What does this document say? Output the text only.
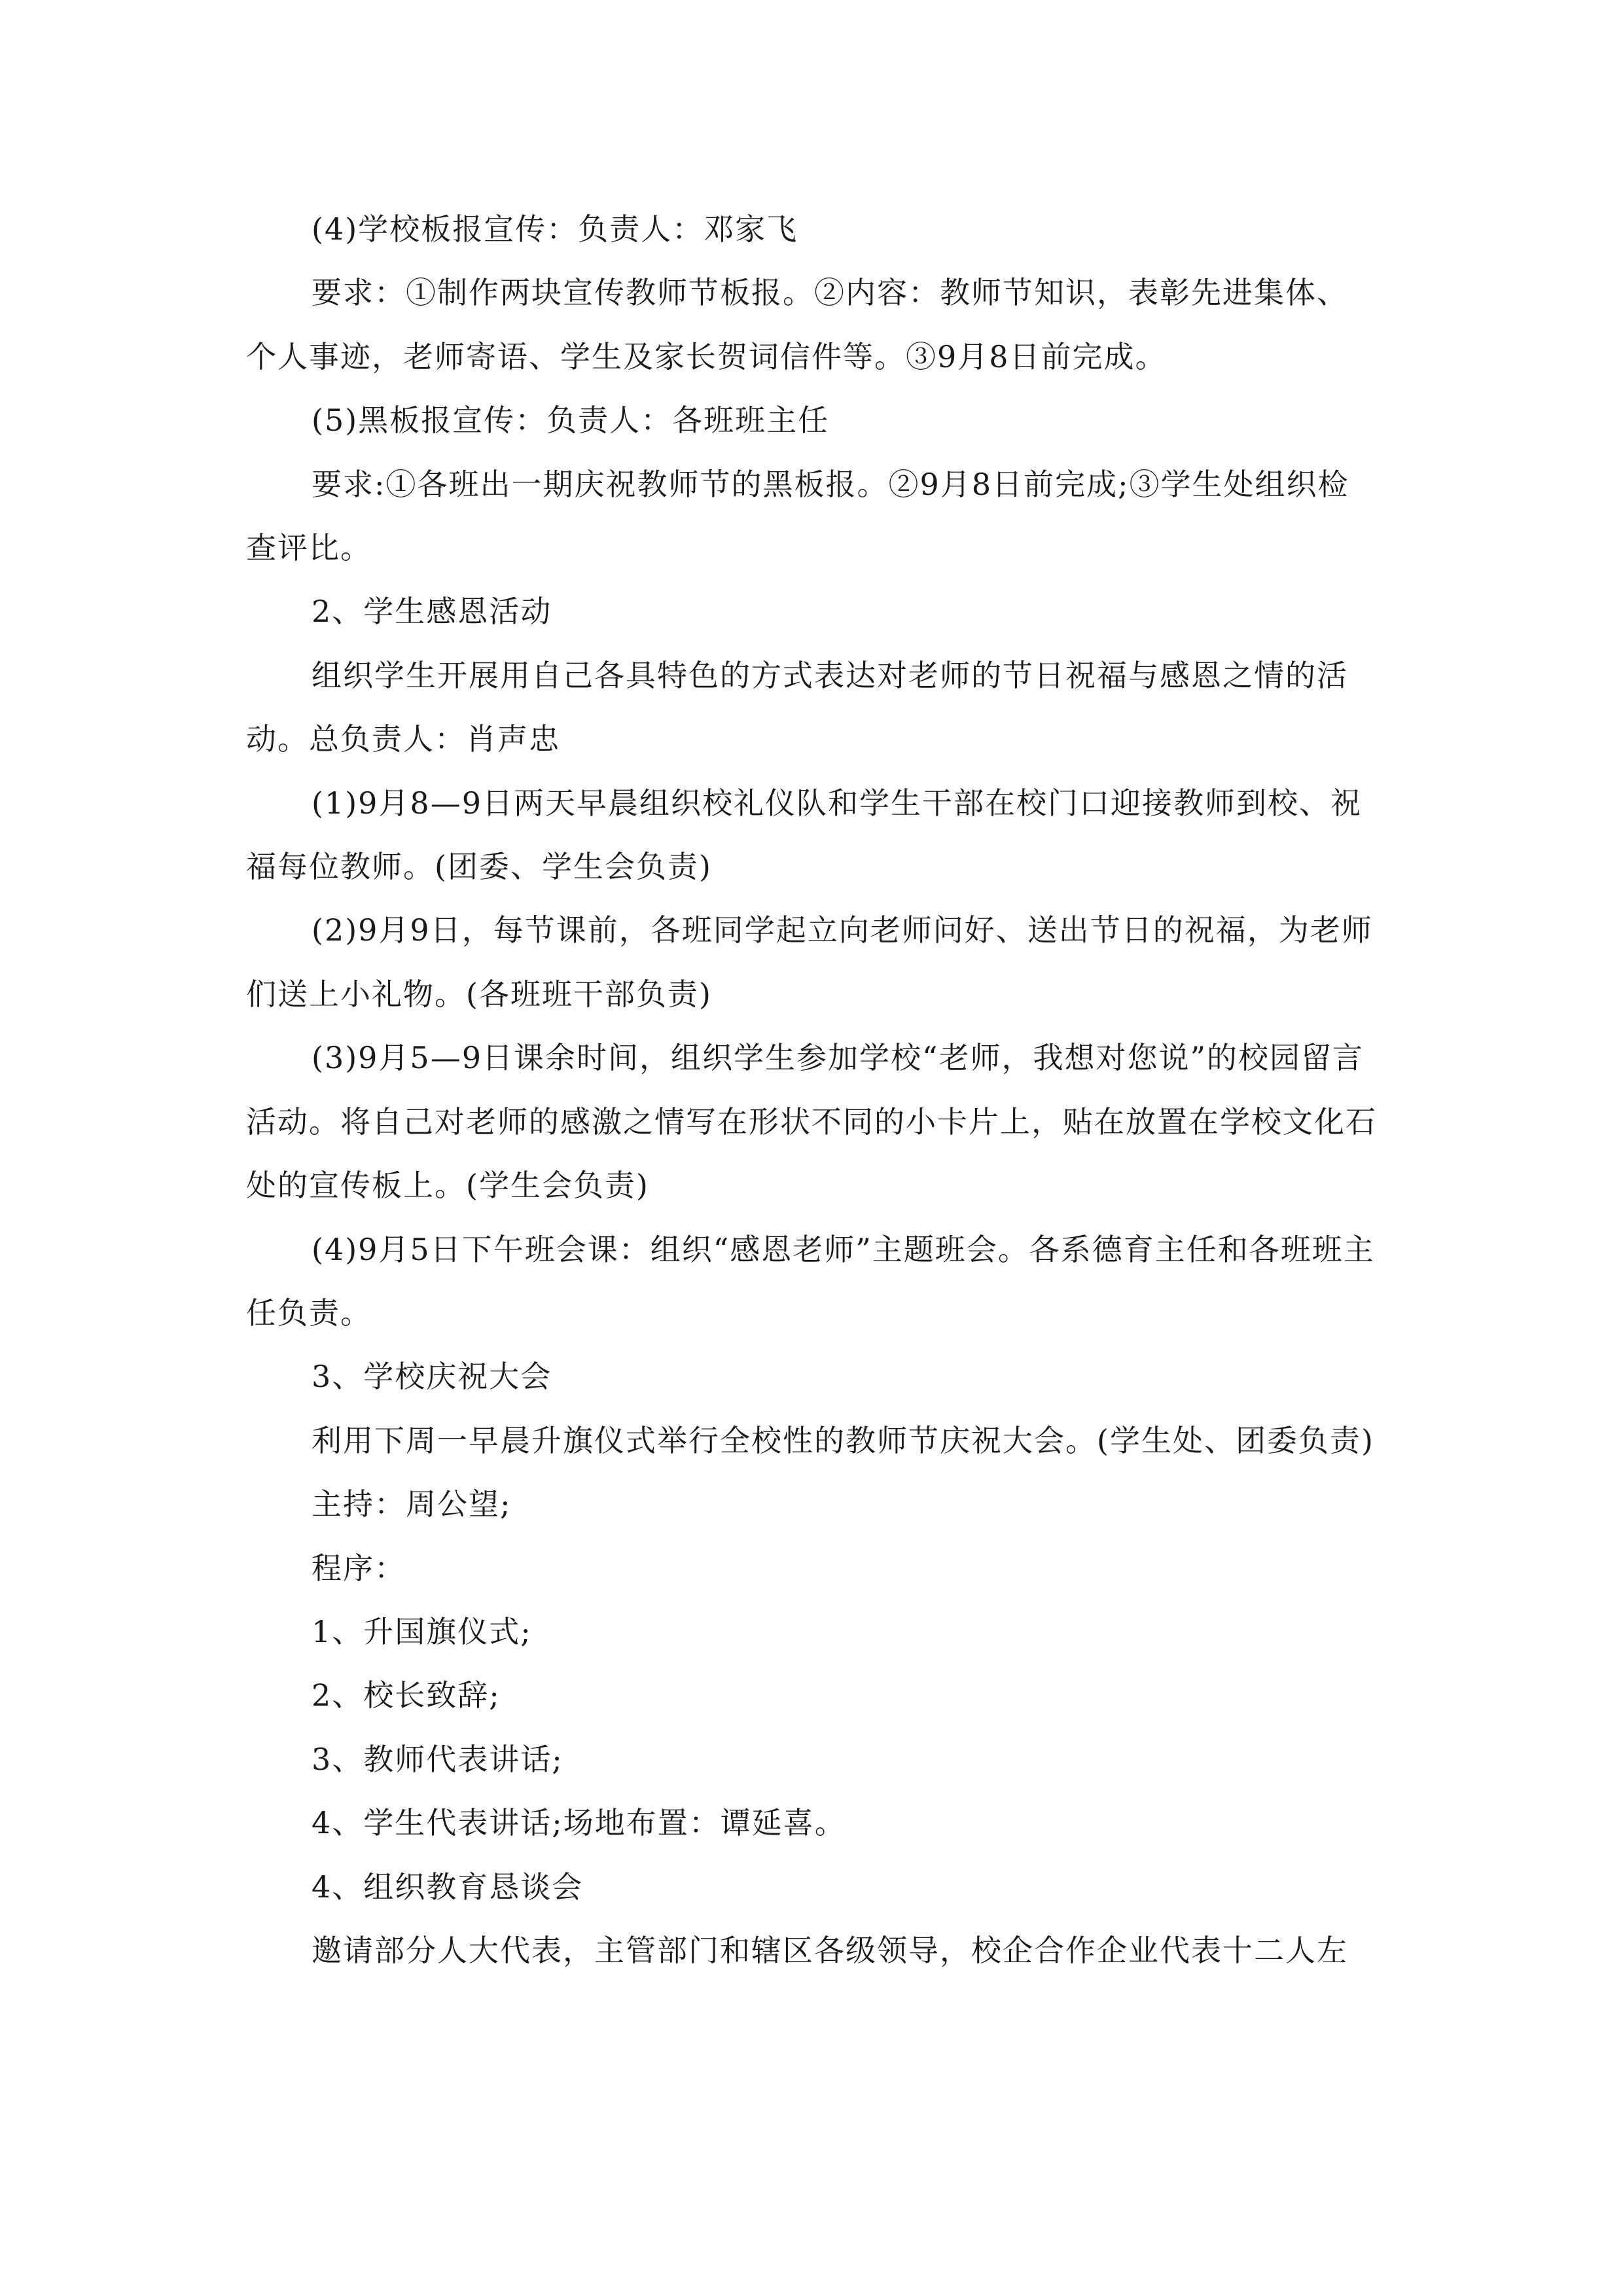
(4)学校板报宣传：负责人：邓家飞

要求：①制作两块宣传教师节板报。②内容：教师节知识，表彰先进集体、个人事迹，老师寄语、学生及家长贺词信件等。③9月8日前完成。

(5)黑板报宣传：负责人：各班班主任

要求:①各班出一期庆祝教师节的黑板报。②9月8日前完成;③学生处组织检查评比。

2、学生感恩活动

组织学生开展用自己各具特色的方式表达对老师的节日祝福与感恩之情的活动。总负责人：肖声忠

(1)9月8—9日两天早晨组织校礼仪队和学生干部在校门口迎接教师到校、祝福每位教师。(团委、学生会负责)

(2)9月9日，每节课前，各班同学起立向老师问好、送出节日的祝福，为老师们送上小礼物。(各班班干部负责)

(3)9月5—9日课余时间，组织学生参加学校“老师，我想对您说”的校园留言活动。将自己对老师的感激之情写在形状不同的小卡片上，贴在放置在学校文化石处的宣传板上。(学生会负责)

(4)9月5日下午班会课：组织“感恩老师”主题班会。各系德育主任和各班班主任负责。

3、学校庆祝大会

利用下周一早晨升旗仪式举行全校性的教师节庆祝大会。(学生处、团委负责)

主持：周公望;

程序：

1、升国旗仪式;

2、校长致辞;

3、教师代表讲话;

4、学生代表讲话;场地布置：谭延喜。

4、组织教育恳谈会

邀请部分人大代表，主管部门和辖区各级领导，校企合作企业代表十二人左
